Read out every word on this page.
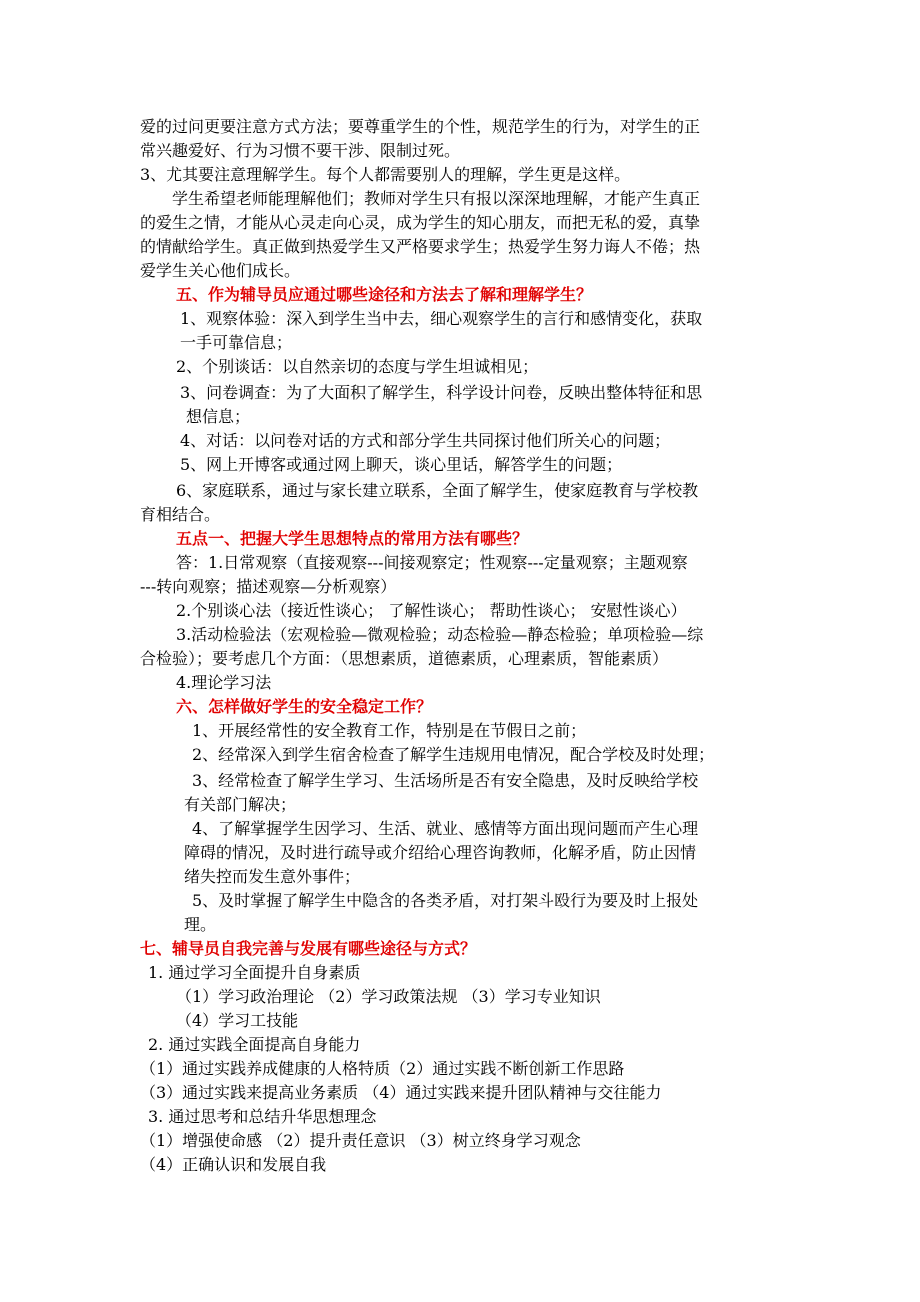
爱的过问更要注意方式方法；要尊重学生的个性，规范学生的行为，对学生的正
常兴趣爱好、行为习惯不要干涉、限制过死。
3、尤其要注意理解学生。每个人都需要别人的理解，学生更是这样。
学生希望老师能理解他们；教师对学生只有报以深深地理解，才能产生真正
的爱生之情，才能从心灵走向心灵，成为学生的知心朋友，而把无私的爱，真挚
的情献给学生。真正做到热爱学生又严格要求学生；热爱学生努力诲人不倦；热
爱学生关心他们成长。
五、作为辅导员应通过哪些途径和方法去了解和理解学生？
1、观察体验：深入到学生当中去，细心观察学生的言行和感情变化，获取
一手可靠信息；
2、个别谈话：以自然亲切的态度与学生坦诚相见；
3、问卷调查：为了大面积了解学生，科学设计问卷，反映出整体特征和思
想信息；
4、对话：以问卷对话的方式和部分学生共同探讨他们所关心的问题；
5、网上开博客或通过网上聊天，谈心里话，解答学生的问题；
6、家庭联系，通过与家长建立联系，全面了解学生，使家庭教育与学校教
育相结合。
五点一、把握大学生思想特点的常用方法有哪些？
答：1.日常观察（直接观察---间接观察定；性观察---定量观察；主题观察
---转向观察；描述观察—分析观察）
2.个别谈心法（接近性谈心； 了解性谈心； 帮助性谈心； 安慰性谈心）
3.活动检验法（宏观检验—微观检验；动态检验—静态检验；单项检验—综
合检验）；要考虑几个方面：（思想素质，道德素质，心理素质，智能素质）
4.理论学习法
六、怎样做好学生的安全稳定工作？
1、开展经常性的安全教育工作，特别是在节假日之前；
2、经常深入到学生宿舍检查了解学生违规用电情况，配合学校及时处理；
3、经常检查了解学生学习、生活场所是否有安全隐患，及时反映给学校
有关部门解决；
4、了解掌握学生因学习、生活、就业、感情等方面出现问题而产生心理
障碍的情况，及时进行疏导或介绍给心理咨询教师，化解矛盾，防止因情
绪失控而发生意外事件；
5、及时掌握了解学生中隐含的各类矛盾，对打架斗殴行为要及时上报处
理。
七、辅导员自我完善与发展有哪些途径与方式？
1. 通过学习全面提升自身素质
（1）学习政治理论 （2）学习政策法规 （3）学习专业知识
（4）学习工技能
2. 通过实践全面提高自身能力
（1）通过实践养成健康的人格特质（2）通过实践不断创新工作思路
（3）通过实践来提高业务素质 （4）通过实践来提升团队精神与交往能力
3. 通过思考和总结升华思想理念
（1）增强使命感 （2）提升责任意识 （3）树立终身学习观念
（4）正确认识和发展自我
